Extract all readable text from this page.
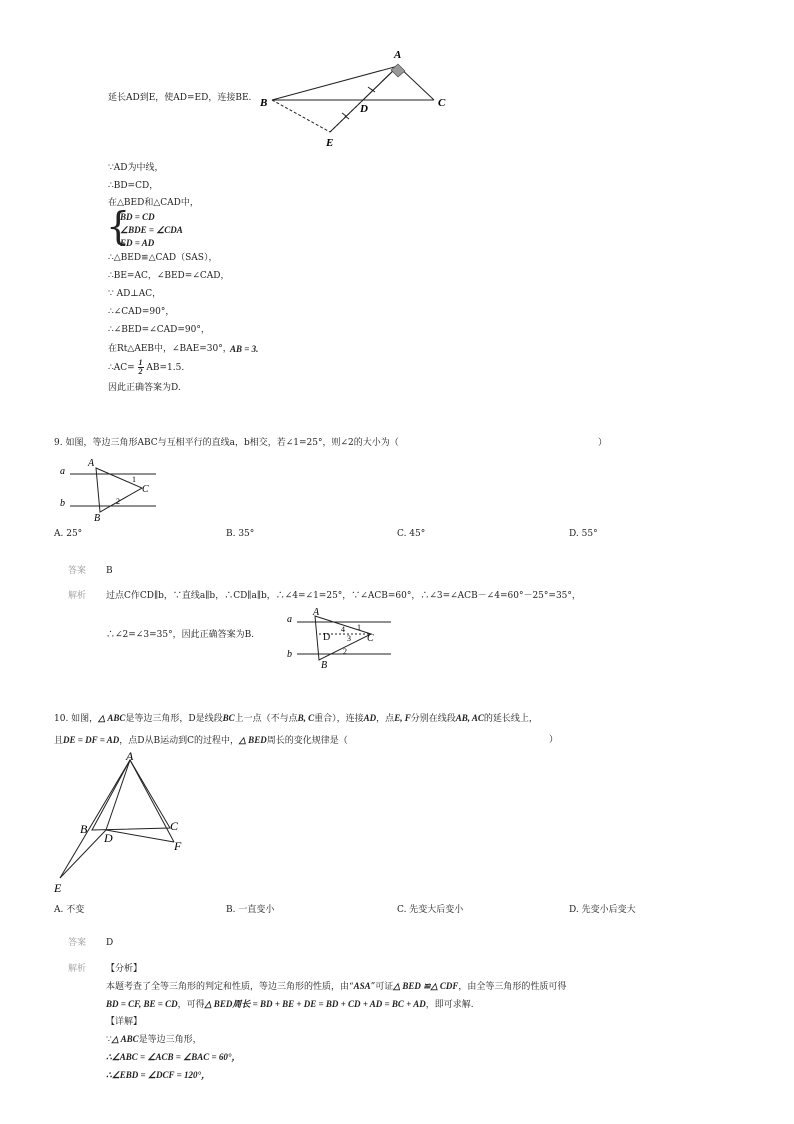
延长AD到E，使AD=ED，连接BE.
A
B	C
D
E
∵AD为中线，
∴BD=CD，
在△BED和△CAD中，
{
BD = CD
∠BDE = ∠CDA
ED = AD
∴△BED≌△CAD（SAS），
∴BE=AC，∠BED=∠CAD，
∵ AD⊥AC，
∴∠CAD=90°，
∴∠BED=∠CAD=90°，
在Rt△AEB中，∠BAE=30°，
AB = 3.
∴AC= $\frac{1}{2} AB=1.5$.
因此正确答案为D.
9. 如图，等边三角形ABC与互相平行的直线a，b相交，若∠1=25°，则∠2的大小为（	）
a
b
A
C
B
1
2
A. 25°	B. 35°	C. 45°	D. 55°
答案 B
解析 过点C作CD∥b，∵直线a∥b，∴CD∥a∥b，∴∠4=∠1=25°，∵∠ACB=60°，∴∠3=∠ACB－∠4=60°－25°=35°，
∴∠2=∠3=35°，因此正确答案为B.
a
b
A
C
D
B
4 1
3
2
10. 如图，△ ABC是等边三角形，D是线段BC上一点（不与点B, C重合），连接AD，点E, F分别在线段AB, AC的延长线上，
且DE = DF = AD，点D从B运动到C的过程中，△ BED周长的变化规律是（	）
A
B	C
D
F
E
A. 不变	B. 一直变小	C. 先变大后变小	D. 先变小后变大
答案 D
解析 【分析】
本题考查了全等三角形的判定和性质，等边三角形的性质，由“ASA”可证△ BED ≌△ CDF，由全等三角形的性质可得
BD = CF, BE = CD，可得△ BED周长 = BD + BE + DE = BD + CD + AD = BC + AD，即可求解.
【详解】
∵△ ABC是等边三角形，
∴∠ABC = ∠ACB = ∠BAC = 60°，
∴∠EBD = ∠DCF = 120°，
